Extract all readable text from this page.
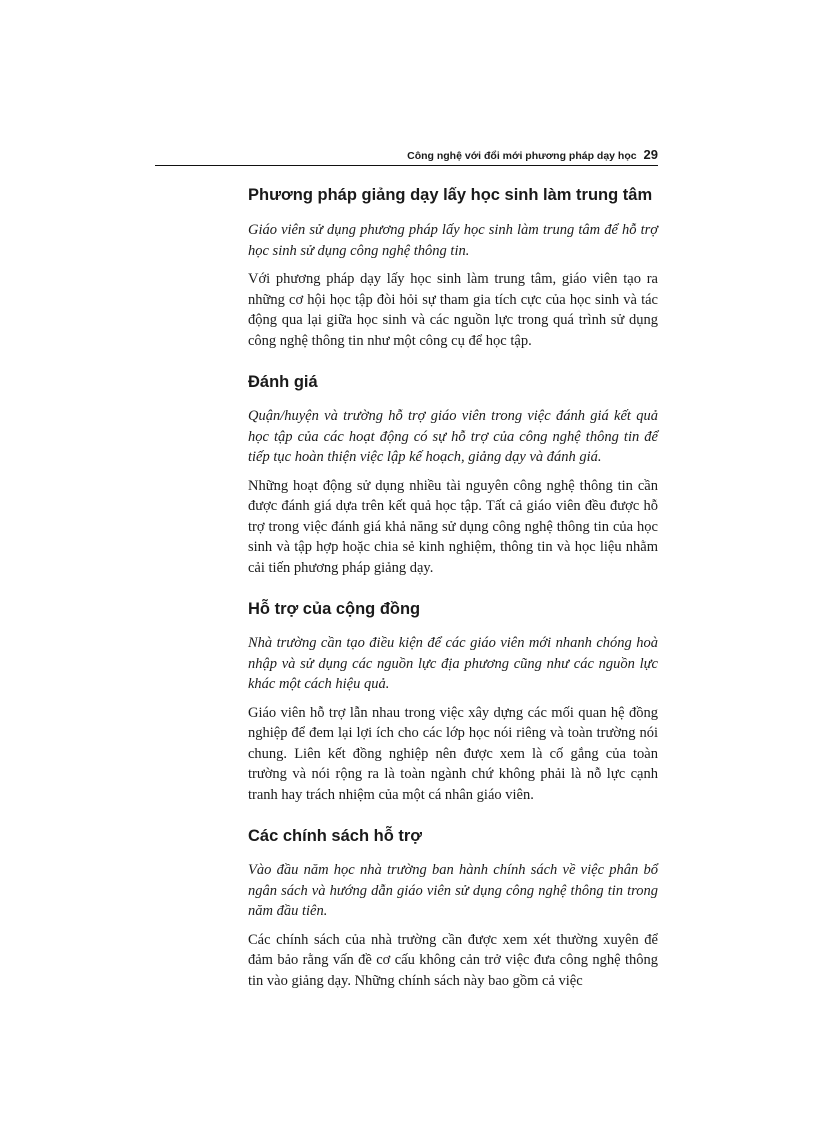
Công nghệ với đổi mới phương pháp dạy học 29
Phương pháp giảng dạy lấy học sinh làm trung tâm

Giáo viên sử dụng phương pháp lấy học sinh làm trung tâm để hỗ trợ học sinh sử dụng công nghệ thông tin.

Với phương pháp dạy lấy học sinh làm trung tâm, giáo viên tạo ra những cơ hội học tập đòi hỏi sự tham gia tích cực của học sinh và tác động qua lại giữa học sinh và các nguồn lực trong quá trình sử dụng công nghệ thông tin như một công cụ để học tập.

Đánh giá

Quận/huyện và trường hỗ trợ giáo viên trong việc đánh giá kết quả học tập của các hoạt động có sự hỗ trợ của công nghệ thông tin để tiếp tục hoàn thiện việc lập kế hoạch, giảng dạy và đánh giá.

Những hoạt động sử dụng nhiều tài nguyên công nghệ thông tin cần được đánh giá dựa trên kết quả học tập. Tất cả giáo viên đều được hỗ trợ trong việc đánh giá khả năng sử dụng công nghệ thông tin của học sinh và tập hợp hoặc chia sẻ kinh nghiệm, thông tin và học liệu nhằm cải tiến phương pháp giảng dạy.

Hỗ trợ của cộng đồng

Nhà trường cần tạo điều kiện để các giáo viên mới nhanh chóng hoà nhập và sử dụng các nguồn lực địa phương cũng như các nguồn lực khác một cách hiệu quả.

Giáo viên hỗ trợ lẫn nhau trong việc xây dựng các mối quan hệ đồng nghiệp để đem lại lợi ích cho các lớp học nói riêng và toàn trường nói chung. Liên kết đồng nghiệp nên được xem là cố gắng của toàn trường và nói rộng ra là toàn ngành chứ không phải là nỗ lực cạnh tranh hay trách nhiệm của một cá nhân giáo viên.

Các chính sách hỗ trợ

Vào đầu năm học nhà trường ban hành chính sách về việc phân bổ ngân sách và hướng dẫn giáo viên sử dụng công nghệ thông tin trong năm đầu tiên.

Các chính sách của nhà trường cần được xem xét thường xuyên để đảm bảo rằng vấn đề cơ cấu không cản trở việc đưa công nghệ thông tin vào giảng dạy. Những chính sách này bao gồm cả việc
